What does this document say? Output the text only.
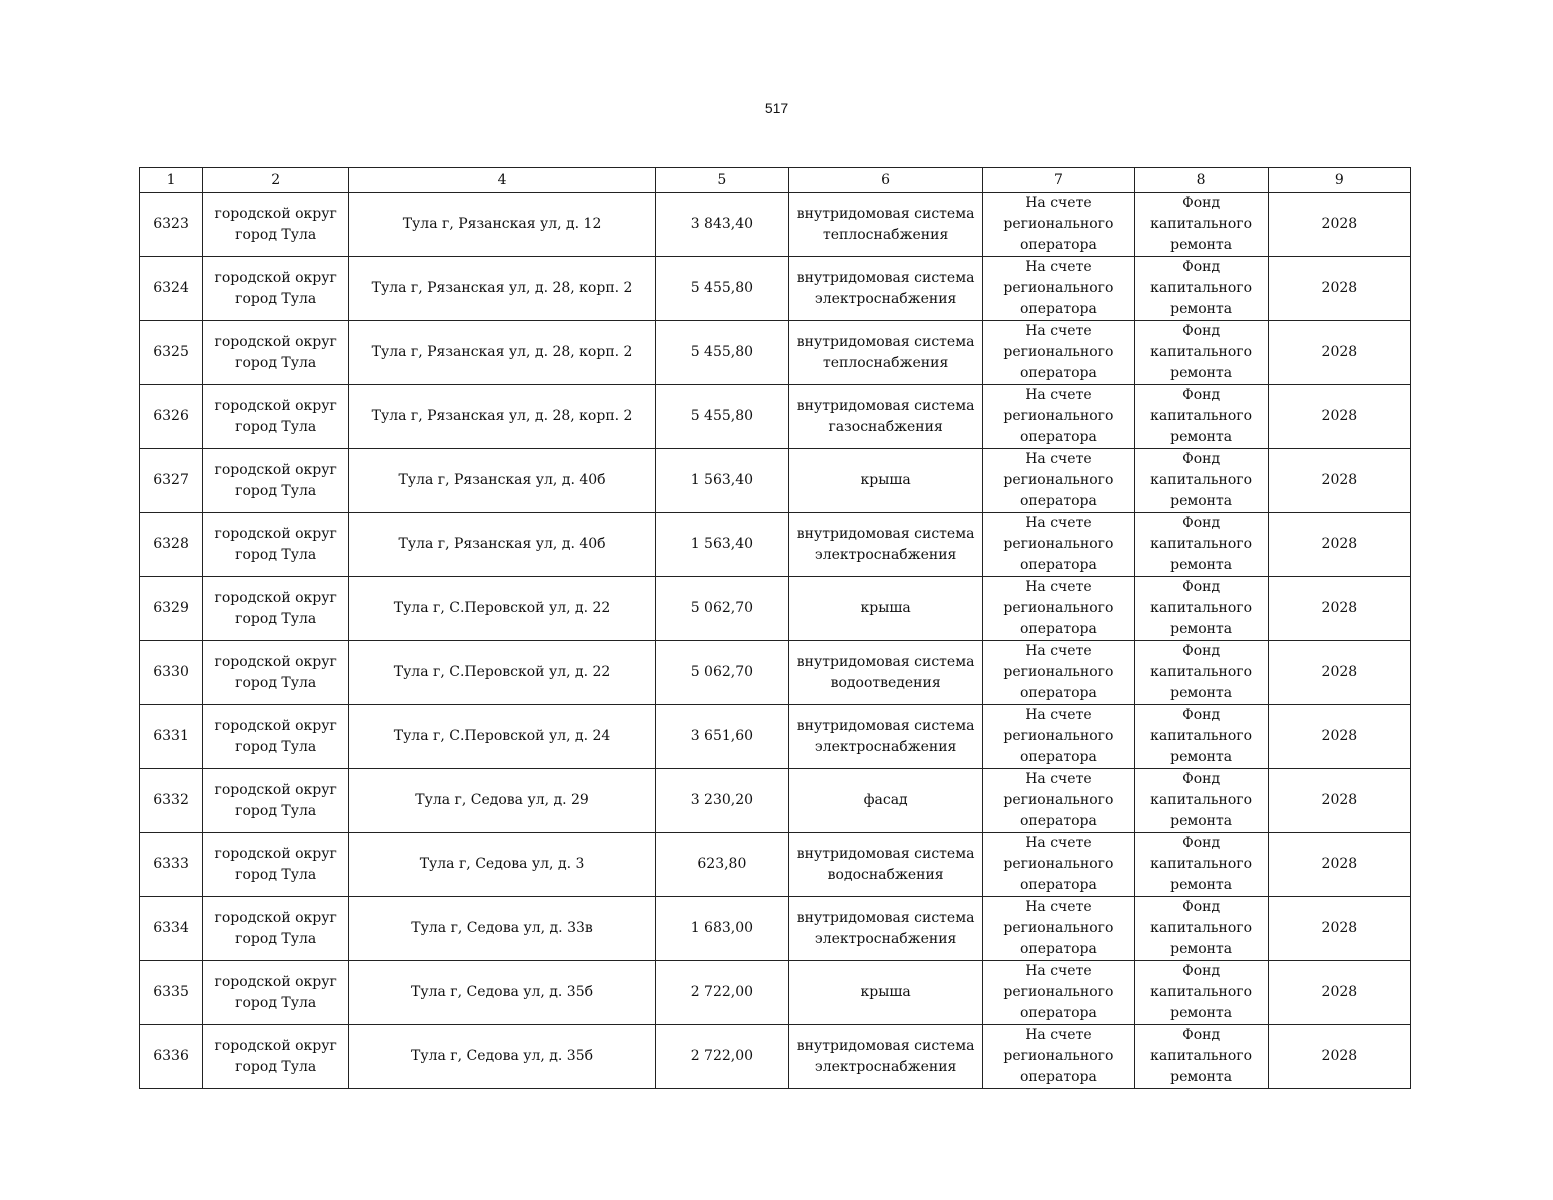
517
1	2	4	5	6	7	8	9
6323	городской округ город Тула	Тула г, Рязанская ул, д. 12	3 843,40	внутридомовая система теплоснабжения	На счете регионального оператора	Фонд капитального ремонта	2028
6324	городской округ город Тула	Тула г, Рязанская ул, д. 28, корп. 2	5 455,80	внутридомовая система электроснабжения	На счете регионального оператора	Фонд капитального ремонта	2028
6325	городской округ город Тула	Тула г, Рязанская ул, д. 28, корп. 2	5 455,80	внутридомовая система теплоснабжения	На счете регионального оператора	Фонд капитального ремонта	2028
6326	городской округ город Тула	Тула г, Рязанская ул, д. 28, корп. 2	5 455,80	внутридомовая система газоснабжения	На счете регионального оператора	Фонд капитального ремонта	2028
6327	городской округ город Тула	Тула г, Рязанская ул, д. 40б	1 563,40	крыша	На счете регионального оператора	Фонд капитального ремонта	2028
6328	городской округ город Тула	Тула г, Рязанская ул, д. 40б	1 563,40	внутридомовая система электроснабжения	На счете регионального оператора	Фонд капитального ремонта	2028
6329	городской округ город Тула	Тула г, С.Перовской ул, д. 22	5 062,70	крыша	На счете регионального оператора	Фонд капитального ремонта	2028
6330	городской округ город Тула	Тула г, С.Перовской ул, д. 22	5 062,70	внутридомовая система водоотведения	На счете регионального оператора	Фонд капитального ремонта	2028
6331	городской округ город Тула	Тула г, С.Перовской ул, д. 24	3 651,60	внутридомовая система электроснабжения	На счете регионального оператора	Фонд капитального ремонта	2028
6332	городской округ город Тула	Тула г, Седова ул, д. 29	3 230,20	фасад	На счете регионального оператора	Фонд капитального ремонта	2028
6333	городской округ город Тула	Тула г, Седова ул, д. 3	623,80	внутридомовая система водоснабжения	На счете регионального оператора	Фонд капитального ремонта	2028
6334	городской округ город Тула	Тула г, Седова ул, д. 33в	1 683,00	внутридомовая система электроснабжения	На счете регионального оператора	Фонд капитального ремонта	2028
6335	городской округ город Тула	Тула г, Седова ул, д. 35б	2 722,00	крыша	На счете регионального оператора	Фонд капитального ремонта	2028
6336	городской округ город Тула	Тула г, Седова ул, д. 35б	2 722,00	внутридомовая система электроснабжения	На счете регионального оператора	Фонд капитального ремонта	2028
